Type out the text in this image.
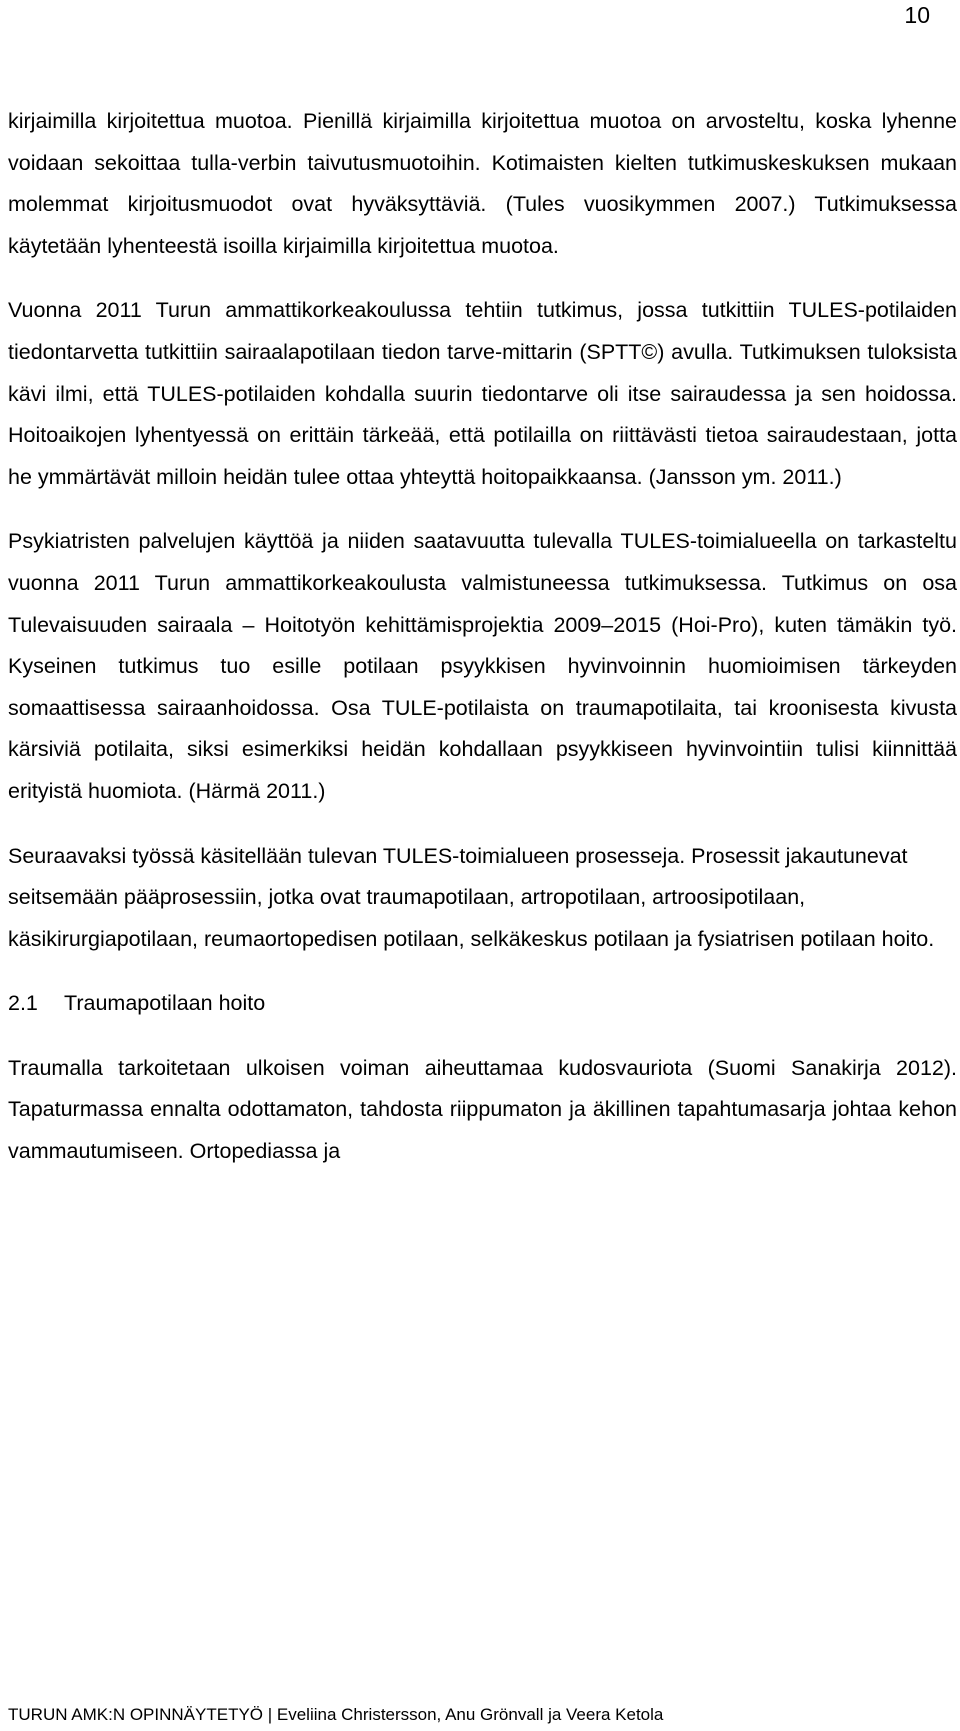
10

kirjaimilla kirjoitettua muotoa. Pienillä kirjaimilla kirjoitettua muotoa on arvosteltu, koska lyhenne voidaan sekoittaa tulla-verbin taivutusmuotoihin. Kotimaisten kielten tutkimuskeskuksen mukaan molemmat kirjoitusmuodot ovat hyväksyttäviä. (Tules vuosikymmen 2007.) Tutkimuksessa käytetään lyhenteestä isoilla kirjaimilla kirjoitettua muotoa.

Vuonna 2011 Turun ammattikorkeakoulussa tehtiin tutkimus, jossa tutkittiin TULES-potilaiden tiedontarvetta tutkittiin sairaalapotilaan tiedon tarve-mittarin (SPTT©) avulla. Tutkimuksen tuloksista kävi ilmi, että TULES-potilaiden kohdalla suurin tiedontarve oli itse sairaudessa ja sen hoidossa. Hoitoaikojen lyhentyessä on erittäin tärkeää, että potilailla on riittävästi tietoa sairaudestaan, jotta he ymmärtävät milloin heidän tulee ottaa yhteyttä hoitopaikkaansa. (Jansson ym. 2011.)

Psykiatristen palvelujen käyttöä ja niiden saatavuutta tulevalla TULES-toimialueella on tarkasteltu vuonna 2011 Turun ammattikorkeakoulusta valmistuneessa tutkimuksessa. Tutkimus on osa Tulevaisuuden sairaala – Hoitotyön kehittämisprojektia 2009–2015 (Hoi-Pro), kuten tämäkin työ. Kyseinen tutkimus tuo esille potilaan psyykkisen hyvinvoinnin huomioimisen tärkeyden somaattisessa sairaanhoidossa. Osa TULE-potilaista on traumapotilaita, tai kroonisesta kivusta kärsiviä potilaita, siksi esimerkiksi heidän kohdallaan psyykkiseen hyvinvointiin tulisi kiinnittää erityistä huomiota. (Härmä 2011.)

Seuraavaksi työssä käsitellään tulevan TULES-toimialueen prosesseja. Prosessit jakautunevat seitsemään pääprosessiin, jotka ovat traumapotilaan, artropotilaan, artroosipotilaan, käsikirurgiapotilaan, reumaortopedisen potilaan, selkäkeskus potilaan ja fysiatrisen potilaan hoito.

2.1	Traumapotilaan hoito

Traumalla tarkoitetaan ulkoisen voiman aiheuttamaa kudosvauriota (Suomi Sanakirja 2012). Tapaturmassa ennalta odottamaton, tahdosta riippumaton ja äkillinen tapahtumasarja johtaa kehon vammautumiseen. Ortopediassa ja

TURUN AMK:N OPINNÄYTETYÖ | Eveliina Christersson, Anu Grönvall ja Veera Ketola
